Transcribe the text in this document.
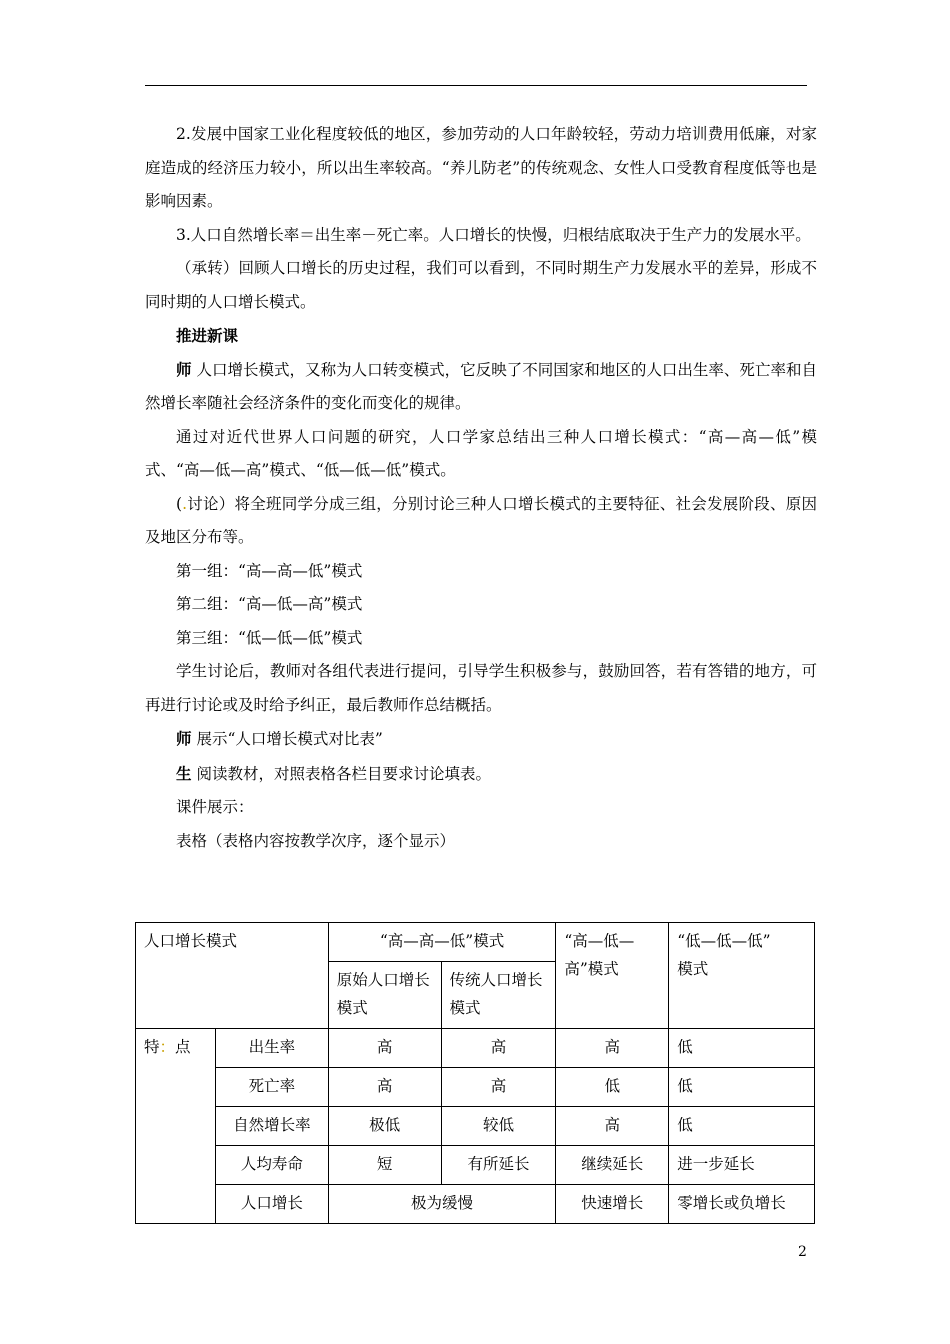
2.发展中国家工业化程度较低的地区，参加劳动的人口年龄较轻，劳动力培训费用低廉，对家庭造成的经济压力较小，所以出生率较高。“养儿防老”的传统观念、女性人口受教育程度低等也是影响因素。

3.人口自然增长率＝出生率－死亡率。人口增长的快慢，归根结底取决于生产力的发展水平。

（承转）回顾人口增长的历史过程，我们可以看到，不同时期生产力发展水平的差异，形成不同时期的人口增长模式。

推进新课

师 人口增长模式，又称为人口转变模式，它反映了不同国家和地区的人口出生率、死亡率和自然增长率随社会经济条件的变化而变化的规律。

通过对近代世界人口问题的研究，人口学家总结出三种人口增长模式：“高—高—低”模式、“高—低—高”模式、“低—低—低”模式。

(.讨论）将全班同学分成三组，分别讨论三种人口增长模式的主要特征、社会发展阶段、原因及地区分布等。

第一组：“高—高—低”模式

第二组：“高—低—高”模式

第三组：“低—低—低”模式

学生讨论后，教师对各组代表进行提问，引导学生积极参与，鼓励回答，若有答错的地方，可再进行讨论或及时给予纠正，最后教师作总结概括。

师 展示“人口增长模式对比表”

生 阅读教材，对照表格各栏目要求讨论填表。

课件展示：

表格（表格内容按教学次序，逐个显示）

人口增长模式		“高—高—低”模式		“高—低—高”模式	“低—低—低”
模式
		原始人口增长模式	传统人口增长模式		
特：点	出生率	高	高	高	低
	死亡率	高	高	低	低
	自然增长率	极低	较低	高	低
	人均寿命	短	有所延长	继续延长	进一步延长
	人口增长	极为缓慢		快速增长	零增长或负增长
2
